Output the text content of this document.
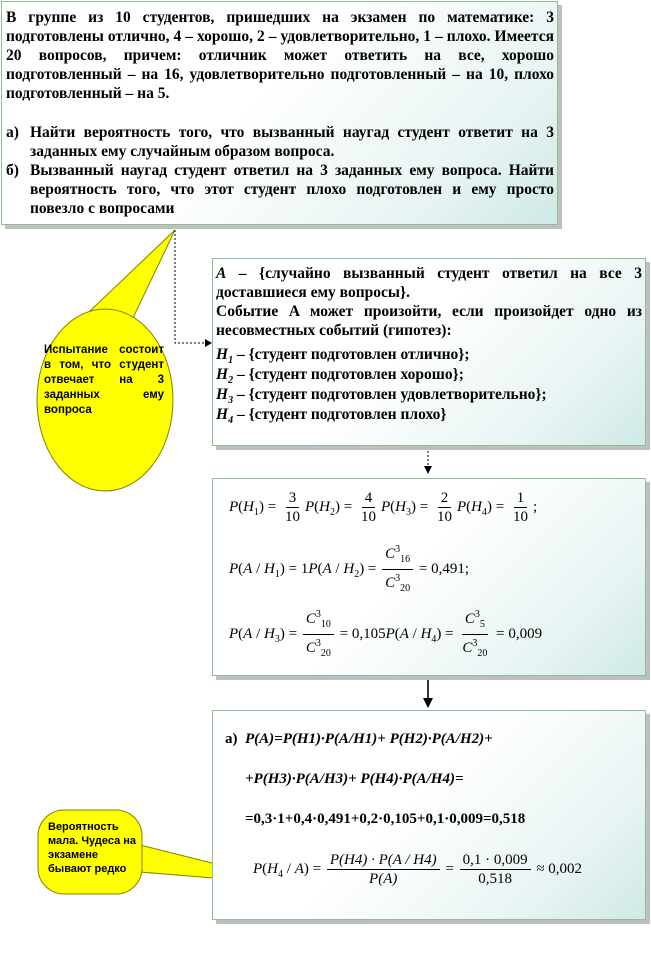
В группе из 10 студентов, пришедших на экзамен по математике: 3 подготовлены отлично, 4 – хорошо, 2 – удовлетворительно, 1 – плохо. Имеется 20 вопросов, причем: отличник может ответить на все, хорошо подготовленный – на 16, удовлетворительно подготовленный – на 10, плохо подготовленный – на 5.
а) Найти вероятность того, что вызванный наугад студент ответит на 3 заданных ему случайным образом вопроса.
б) Вызванный наугад студент ответил на 3 заданных ему вопроса. Найти вероятность того, что этот студент плохо подготовлен и ему просто повезло с вопросами
Испытание состоит в том, что студент отвечает на 3 заданных ему вопроса
A – {случайно вызванный студент ответил на все 3 доставшиеся ему вопросы}.
Событие A может произойти, если произойдет одно из несовместных событий (гипотез):
$H_1$ – {студент подготовлен отлично};
$H_2$ – {студент подготовлен хорошо};
$H_3$ – {студент подготовлен удовлетворительно};
$H_4$ – {студент подготовлен плохо}
$P(H_1) = \frac{3}{10} P(H_2) = \frac{4}{10} P(H_3) = \frac{2}{10} P(H_4) = \frac{1}{10}$ ;
$P(A / H_1) = 1P(A / H_2) = \frac{C^3_{16}}{C^3_{20}} = 0,491$;
$P(A / H_3) = \frac{C^3_{10}}{C^3_{20}} = 0,105P(A / H_4) = \frac{C^3_5}{C^3_{20}} = 0,009$
а) P(A)=P(H1)·P(A/H1)+ P(H2)·P(A/H2)+
+P(H3)·P(A/H3)+ P(H4)·P(A/H4)=
=0,3·1+0,4·0,491+0,2·0,105+0,1·0,009=0,518
$P(H_4 / A) = \frac{P(H4) \cdot P(A / H4)}{P(A)} = \frac{0,1 \cdot 0,009}{0,518} \approx 0,002$
Вероятность мала. Чудеса на экзамене бывают редко
